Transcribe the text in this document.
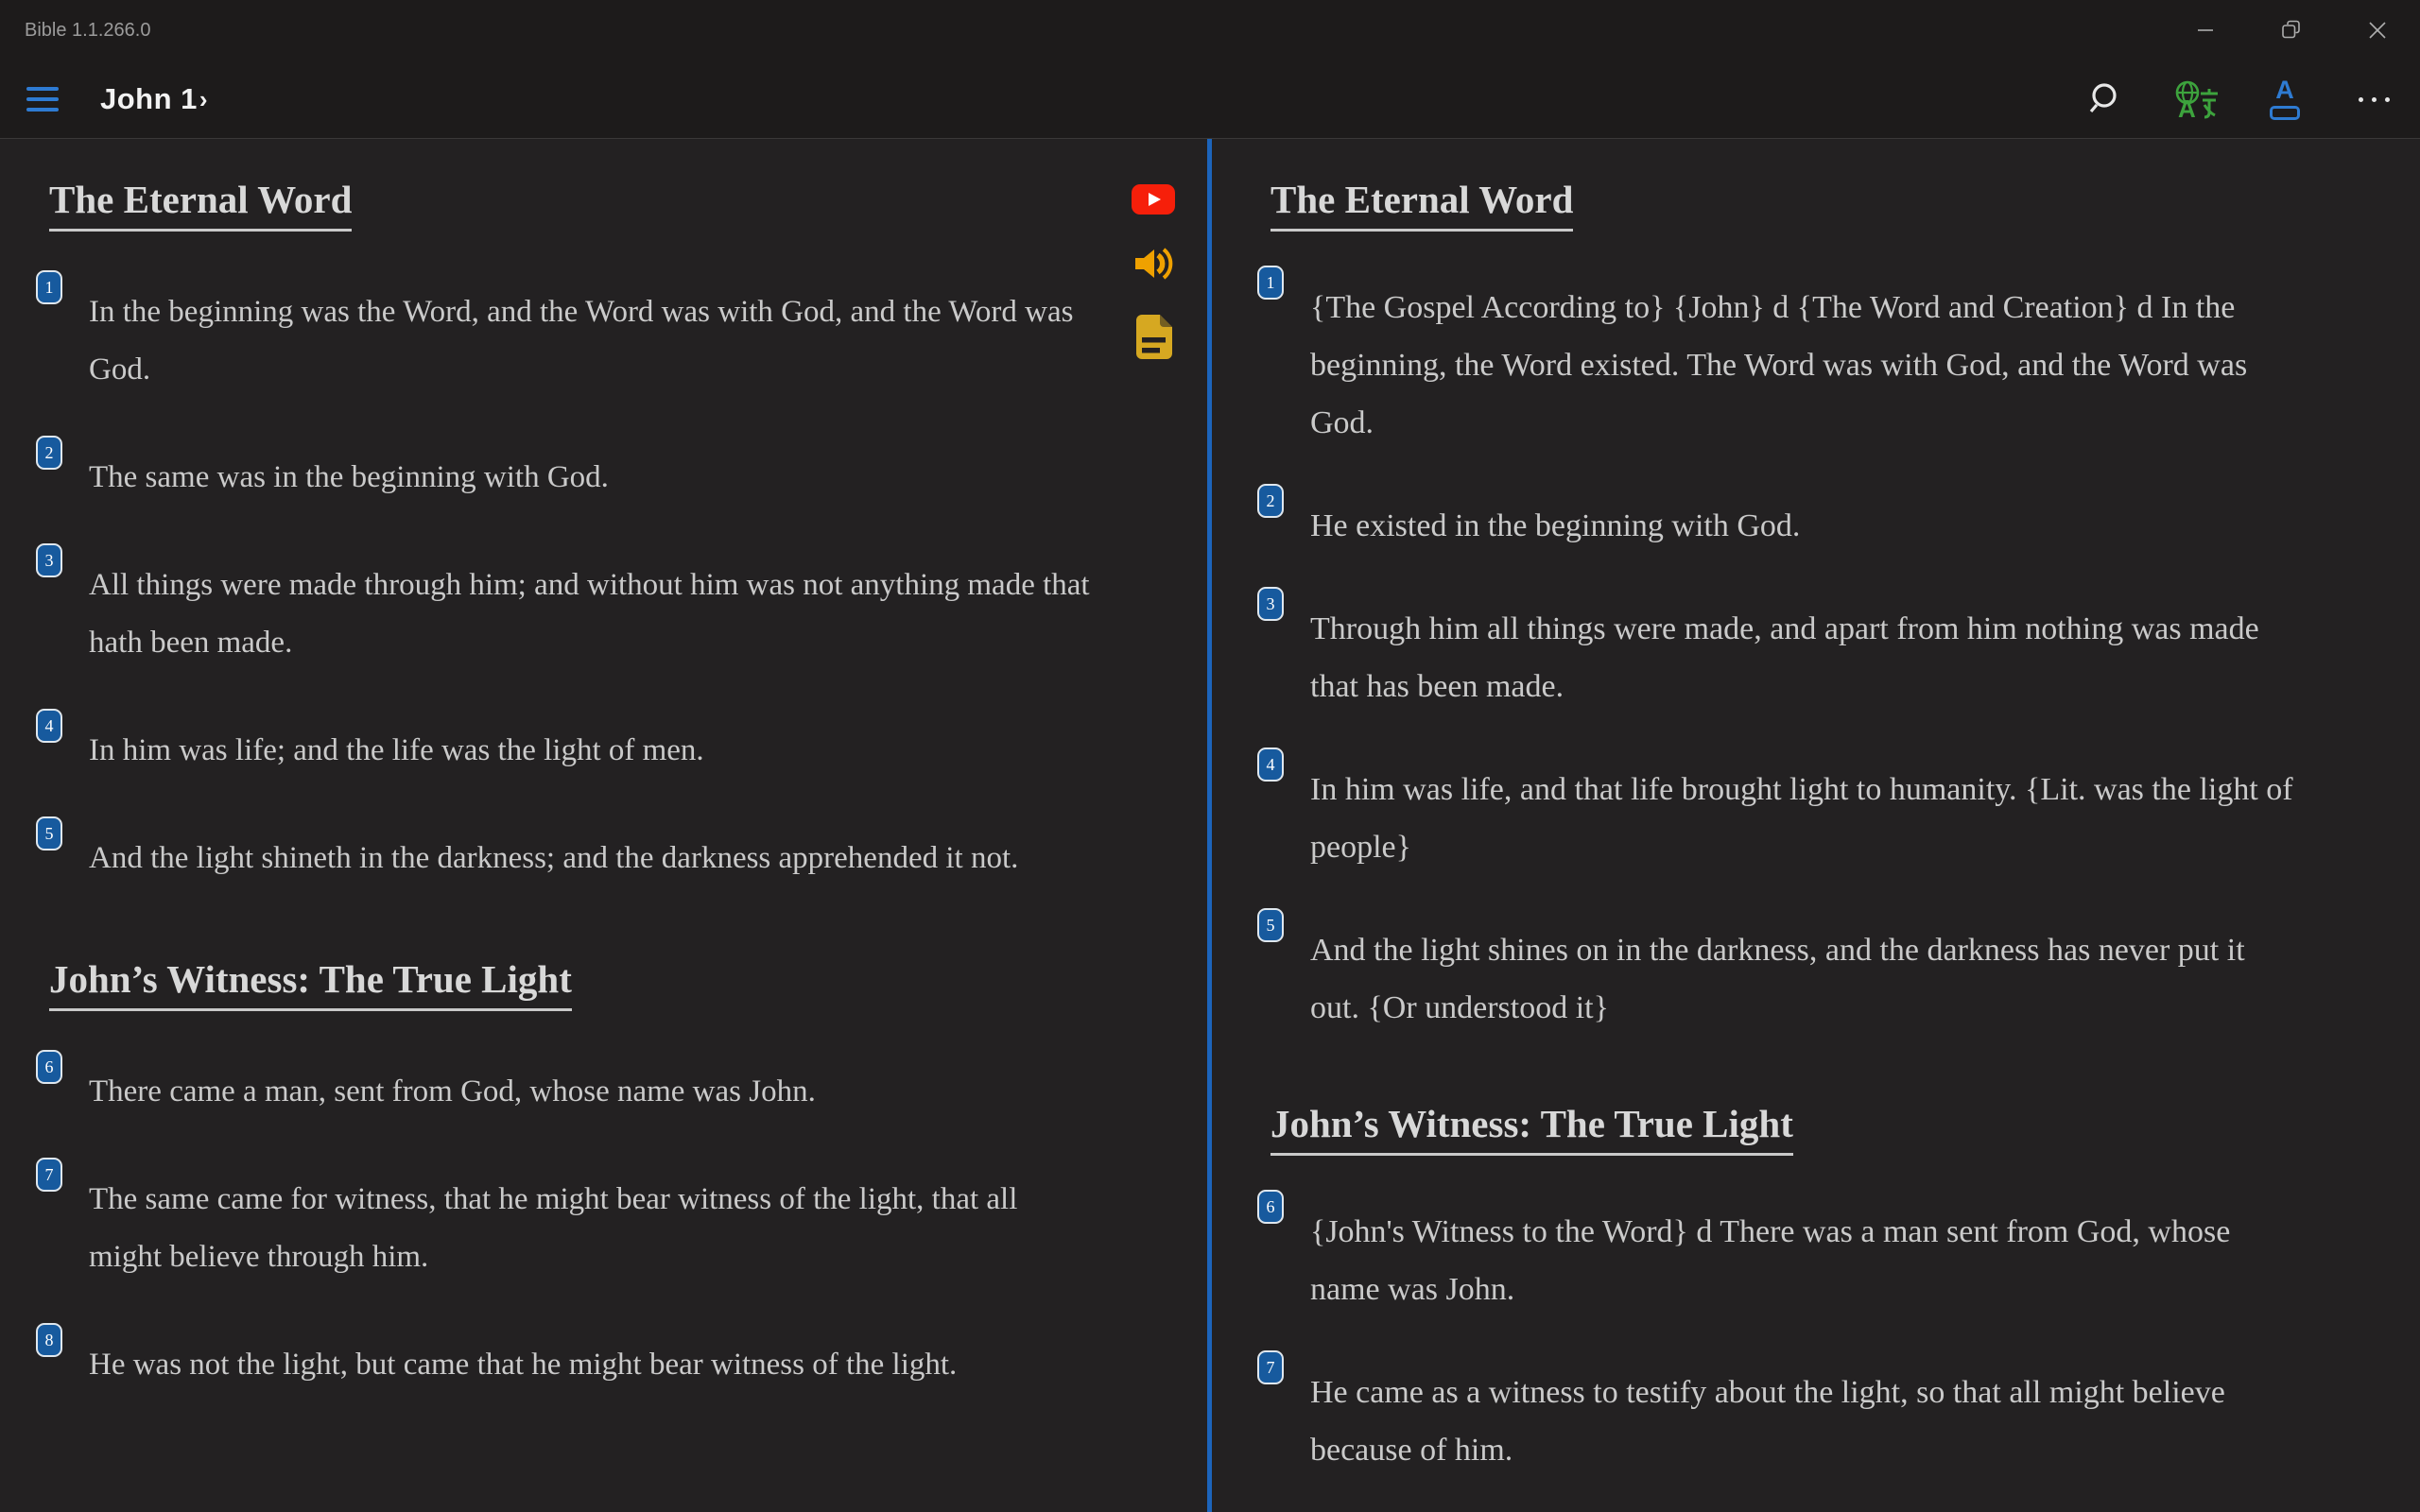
Bible 1.1.266.0
John 1 ›	A
A
The Eternal Word
1
In the beginning was the Word, and the Word was with God, and the Word was God.
2
The same was in the beginning with God.
3
All things were made through him; and without him was not anything made that hath been made.
4
In him was life; and the life was the light of men.
5
And the light shineth in the darkness; and the darkness apprehended it not.
John’s Witness: The True Light
6
There came a man, sent from God, whose name was John.
7
The same came for witness, that he might bear witness of the light, that all might believe through him.
8
He was not the light, but came that he might bear witness of the light.
The Eternal Word
1
{The Gospel According to} {John} d {The Word and Creation} d In the beginning, the Word existed. The Word was with God, and the Word was God.
2
He existed in the beginning with God.
3
Through him all things were made, and apart from him nothing was made that has been made.
4
In him was life, and that life brought light to humanity. {Lit. was the light of people}
5
And the light shines on in the darkness, and the darkness has never put it out. {Or understood it}
John’s Witness: The True Light
6
{John's Witness to the Word} d There was a man sent from God, whose name was John.
7
He came as a witness to testify about the light, so that all might believe because of him.
